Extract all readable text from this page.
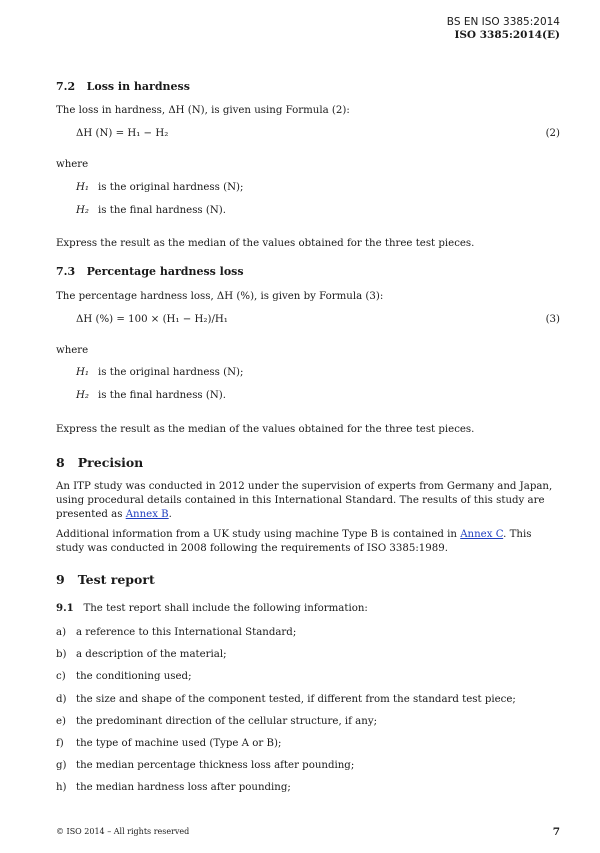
BS EN ISO 3385:2014
ISO 3385:2014(E)
7.2 Loss in hardness
The loss in hardness, ΔH (N), is given using Formula (2):
ΔH (N) = H₁ − H₂	(2)
where
H₁ is the original hardness (N);
H₂ is the final hardness (N).
Express the result as the median of the values obtained for the three test pieces.
7.3 Percentage hardness loss
The percentage hardness loss, ΔH (%), is given by Formula (3):
ΔH (%) = 100 × (H₁ − H₂)/H₁	(3)
where
H₁ is the original hardness (N);
H₂ is the final hardness (N).
Express the result as the median of the values obtained for the three test pieces.
8 Precision
An ITP study was conducted in 2012 under the supervision of experts from Germany and Japan, using procedural details contained in this International Standard. The results of this study are presented as Annex B.
Additional information from a UK study using machine Type B is contained in Annex C. This study was conducted in 2008 following the requirements of ISO 3385:1989.
9 Test report
9.1 The test report shall include the following information:
a) a reference to this International Standard;
b) a description of the material;
c) the conditioning used;
d) the size and shape of the component tested, if different from the standard test piece;
e) the predominant direction of the cellular structure, if any;
f) the type of machine used (Type A or B);
g) the median percentage thickness loss after pounding;
h) the median hardness loss after pounding;
© ISO 2014 – All rights reserved	7
